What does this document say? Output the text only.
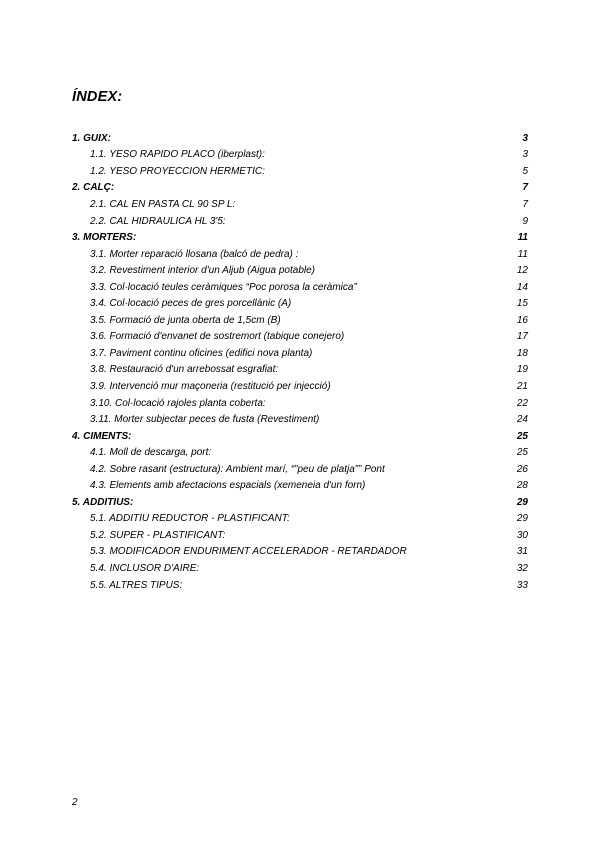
ÍNDEX:
1. GUIX:	3
1.1. YESO RAPIDO PLACO (iberplast):	3
1.2. YESO PROYECCIÓN HERMETIC:	5
2. CALÇ:	7
2.1. CAL EN PASTA CL 90 SP L:	7
2.2. CAL HIDRAULICA HL 3'5:	9
3. MORTERS:	11
3.1. Morter reparació llosana (balcó de pedra) :	11
3.2. Revestiment interior d'un Aljub (Aigua potable)	12
3.3. Col·locació teules ceràmiques “Poc porosa la ceràmica”	14
3.4. Col·locació peces de gres porcellànic (A)	15
3.5. Formació de junta oberta de 1,5cm (B)	16
3.6. Formació d'envanet de sostremort (tabique conejero)	17
3.7. Paviment continu oficines (edifici nova planta)	18
3.8. Restauració d'un arrebossat esgrafiat:	19
3.9. Intervenció mur maçoneria (restitució per injecció)	21
3.10. Col·locació rajoles planta coberta:	22
3.11. Morter subjectar peces de fusta (Revestiment)	24
4. CIMENTS:	25
4.1. Moll de descarga, port:	25
4.2. Sobre rasant (estructura): Ambient marí, “”peu de platja”” Pont	26
4.3. Elements amb afectacions espacials (xemeneia d'un forn)	28
5. ADDITIUS:	29
5.1. ADDITIU REDUCTOR - PLASTIFICANT:	29
5.2. SUPER - PLASTIFICANT:	30
5.3. MODIFICADOR ENDURIMENT ACCELERADOR - RETARDADOR	31
5.4. INCLUSOR D'AIRE:	32
5.5. ALTRES TIPUS:	33
2
